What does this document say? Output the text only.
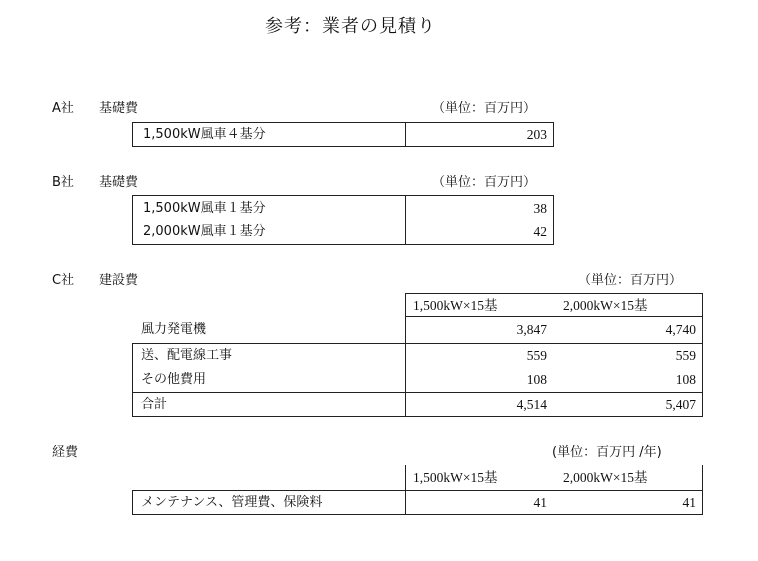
参考：業者の見積り
A社 基礎費	（単位：百万円）
1,500kW風車４基分	203
B社 基礎費	（単位：百万円）
1,500kW風車１基分	38
2,000kW風車１基分	42
C社 建設費	（単位：百万円）
1,500kW×15基	2,000kW×15基
風力発電機	3,847	4,740
送、配電線工事	559	559
その他費用	108	108
合計	4,514	5,407
経費	(単位：百万円 /年)
1,500kW×15基	2,000kW×15基
メンテナンス、管理費、保険料	41	41
